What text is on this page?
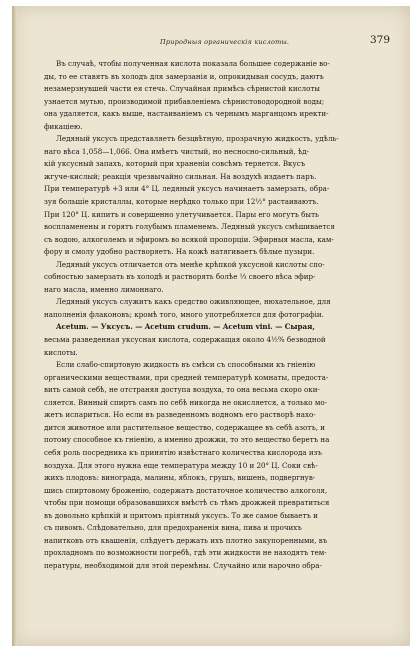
Природныя органическія кислоты.	379
Въ случаѣ, чтобы полученная кислота показала большее содержаніе во-
ды, то ее ставятъ въ холодъ для замерзанія и, опрокидывая сосудъ, даютъ
незамерзнувшей части ея стечь. Случайная примѣсь сѣрнистой кислоты
узнается мутью, производимой прибавленіемъ сѣрнистоводородной воды;
она удаляется, какъ выше, настаиваніемъ съ чернымъ марганцомъ иректи-
фикаціею.
Ледяный уксусъ представляетъ безцвѣтную, прозрачную жидкость, удѣль-
наго вѣса 1,058—1,066. Она имѣетъ чистый, но несносно-сильный, ѣд-
кій уксусный запахъ, который при храненіи совсѣмъ теряется. Вкусъ
жгуче-кислый; реакція чрезвычайно сильная. На воздухѣ издаетъ паръ.
При температурѣ +3 или 4° Ц. ледяный уксусъ начинаетъ замерзать, обра-
зуя большіе кристаллы, которые нерѣдко только при 12½° растаиваютъ.
При 120° Ц. кипитъ и совершенно улетучивается. Пары его могутъ быть
воспламенены и горятъ голубымъ пламенемъ. Ледяный уксусъ смѣшивается
съ водою, алкоголемъ и эфиромъ во всякой пропорціи. Эфирныя масла, кам-
фору и смолу удобно растворяетъ. На кожѣ натягиваетъ бѣлые пузыри.
Ледяный уксусъ отличается отъ менѣе крѣпкой уксусной кислоты спо-
собностью замерзать въ холодѣ и растворять болѣе ⅓ своего вѣса эфир-
наго масла, именно лимоннаго.
Ледяный уксусъ служитъ какъ средство оживляющее, нюхательное, для
наполненія флаконовъ; кромѣ того, много употребляется для фотографіи.
Acetum. — Уксусъ. — Acetum crudum. — Acetum vini. — Сырая,
весьма разведенная уксусная кислота, содержащая около 4½% безводной
кислоты.
Если слабо-спиртовую жидкость въ смѣси съ способными къ гніенію
органическими веществами, при средней температурѣ комнаты, предоста-
вить самой себѣ, не отстраняя доступа воздуха, то она весьма скоро оки-
сляется. Винный спиртъ самъ по себѣ никогда не окисляется, а только мо-
жетъ испариться. Но если въ разведенномъ водномъ его растворѣ нахо-
дится животное или растительное вещество, содержащее въ себѣ азотъ, и
потому способное къ гніенію, а именно дрожжи, то это вещество беретъ на
себя роль посредника къ принятію извѣстнаго количества кислорода изъ
воздуха. Для этого нужна еще температура между 10 и 20° Ц. Соки свѣ-
жихъ плодовъ: винограда, малины, яблокъ, грушъ, вишень, подвергнув-
шись спиртовому броженію, содержатъ достаточное количество алкоголя,
чтобы при помощи образовавшихся вмѣстѣ съ тѣмъ дрожжей превратиться
въ довольно крѣпкій и притомъ пріятный уксусъ. То же самое бываетъ и
съ пивомъ. Слѣдовательно, для предохраненія вина, пива и прочихъ
напитковъ отъ квашенія, слѣдуетъ держать ихъ плотно закупоренными, въ
прохладномъ по возможности погребѣ, гдѣ эти жидкости не находятъ тем-
пературы, необходимой для этой перемѣны. Случайно или нарочно обра-
